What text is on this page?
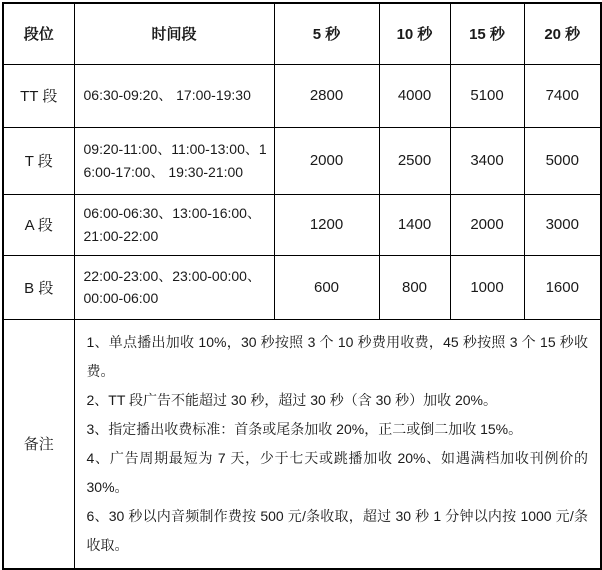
段位	时间段	5 秒	10 秒	15 秒	20 秒
TT 段	06:30-09:20、 17:00-19:30	2800	4000	5100	7400
T 段	09:20-11:00、11:00-13:00、16:00-17:00、 19:30-21:00	2000	2500	3400	5000
A 段	06:00-06:30、13:00-16:00、21:00-22:00	1200	1400	2000	3000
B 段	22:00-23:00、23:00-00:00、00:00-06:00	600	800	1000	1600
备注	1、单点播出加收 10%，30 秒按照 3 个 10 秒费用收费，45 秒按照 3 个 15 秒收费。

2、TT 段广告不能超过 30 秒，超过 30 秒（含 30 秒）加收 20%。

3、指定播出收费标准：首条或尾条加收 20%，正二或倒二加收 15%。

4、广告周期最短为 7 天，少于七天或跳播加收 20%、如遇满档加收刊例价的 30%。

6、30 秒以内音频制作费按 500 元/条收取，超过 30 秒 1 分钟以内按 1000 元/条收取。				
